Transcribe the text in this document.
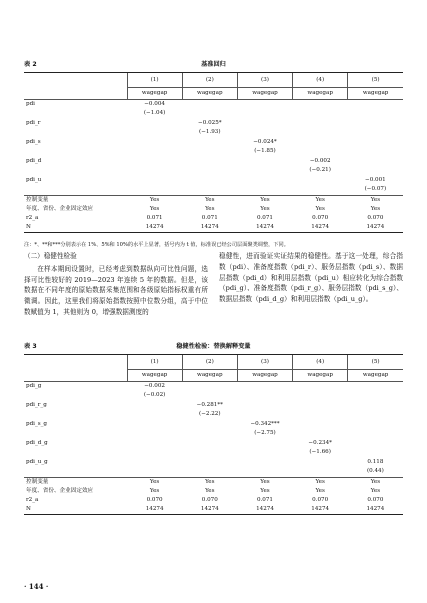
表 2	基准回归
	(1)	(2)	(3)	(4)	(5)
	wagegap	wagegap	wagegap	wagegap	wagegap
pdi	−0.004				
	(−1.04)				
pdi_r		−0.025*			
		(−1.93)			
pdi_s			−0.024*		
			(−1.85)		
pdi_d				−0.002	
				(−0.21)	
pdi_u					−0.001
					(−0.07)
控制变量	Yes	Yes	Yes	Yes	Yes
年度、省份、企业固定效应	Yes	Yes	Yes	Yes	Yes
r2_a	0.071	0.071	0.071	0.070	0.070
N	14274	14274	14274	14274	14274
注：*、**和***分别表示在 1%、5%和 10%的水平上显著，括号内为 t 值，标准误已经公司层面聚类调整，下同。

（二）稳健性检验

在样本期间设置时，已经考虑到数据纵向可比性问题，选择可比性较好的 2019—2023 年连续 5 年的数据。但是，该数据在不同年度的原始数据采集范围和各级原始指标权重有所微调。因此，这里我们将原始指数按照中位数分组，高于中位数赋值为 1，其他则为 0，增强数据测度的

稳健性，进而验证实证结果的稳健性。基于这一处理，综合指数（pdi）、准备度指数（pdi_r）、服务层指数（pdi_s）、数据层指数（pdi_d）和利用层指数（pdi_u）相应转化为综合指数（pdi_g）、准备度指数（pdi_r_g）、服务层指数（pdi_s_g）、数据层指数（pdi_d_g）和利用层指数（pdi_u_g）。

表 3	稳健性检验：替换解释变量
	(1)	(2)	(3)	(4)	(5)
	wagegap	wagegap	wagegap	wagegap	wagegap
pdi_g	−0.002				
	(−0.02)				
pdi_r_g		−0.281**			
		(−2.22)			
pdi_s_g			−0.342***		
			(−2.75)		
pdi_d_g				−0.234*	
				(−1.66)	
pdi_u_g					0.118
					(0.44)
控制变量	Yes	Yes	Yes	Yes	Yes
年度、省份、企业固定效应	Yes	Yes	Yes	Yes	Yes
r2_a	0.070	0.070	0.071	0.070	0.070
N	14274	14274	14274	14274	14274
· 144 ·
